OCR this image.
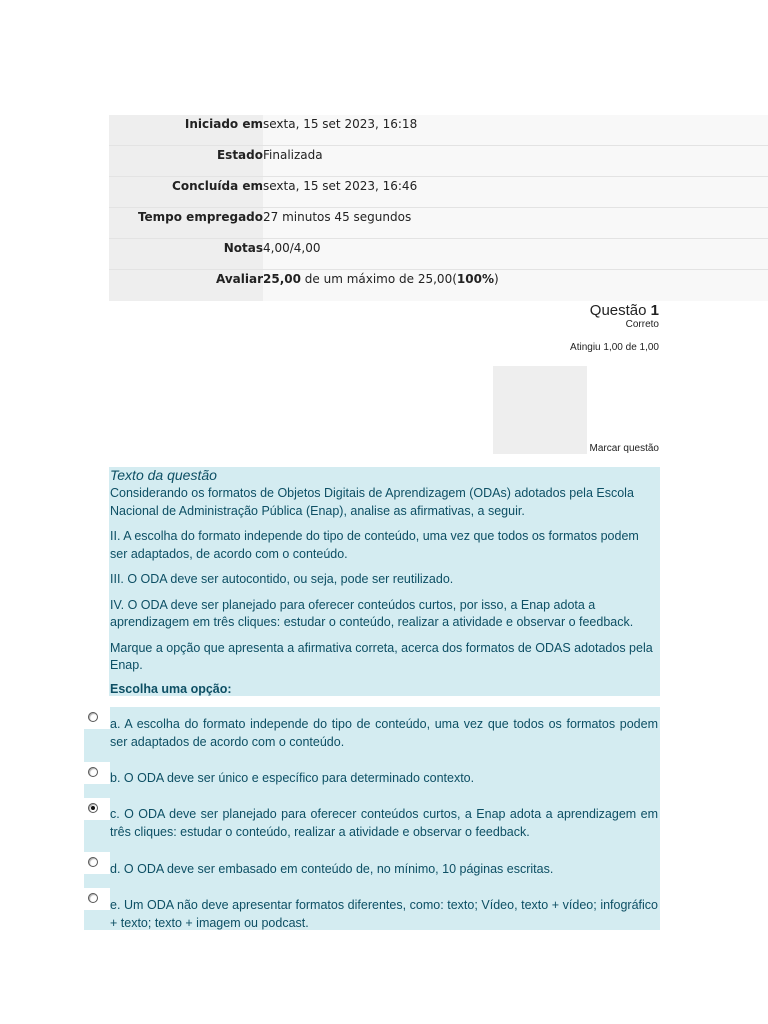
Iniciado em sexta, 15 set 2023, 16:18
Estado Finalizada
Concluída em sexta, 15 set 2023, 16:46
Tempo empregado 27 minutos 45 segundos
Notas 4,00/4,00
Avaliar 25,00 de um máximo de 25,00(100%)
Questão 1
Correto
Atingiu 1,00 de 1,00
Marcar questão
Texto da questão

Considerando os formatos de Objetos Digitais de Aprendizagem (ODAs) adotados pela Escola Nacional de Administração Pública (Enap), analise as afirmativas, a seguir.

II. A escolha do formato independe do tipo de conteúdo, uma vez que todos os formatos podem ser adaptados, de acordo com o conteúdo.

III. O ODA deve ser autocontido, ou seja, pode ser reutilizado.

IV. O ODA deve ser planejado para oferecer conteúdos curtos, por isso, a Enap adota a aprendizagem em três cliques: estudar o conteúdo, realizar a atividade e observar o feedback.

Marque a opção que apresenta a afirmativa correta, acerca dos formatos de ODAS adotados pela Enap.

Escolha uma opção:
a. A escolha do formato independe do tipo de conteúdo, uma vez que todos os formatos podem ser adaptados de acordo com o conteúdo.
b. O ODA deve ser único e específico para determinado contexto.
c. O ODA deve ser planejado para oferecer conteúdos curtos, a Enap adota a aprendizagem em três cliques: estudar o conteúdo, realizar a atividade e observar o feedback.
d. O ODA deve ser embasado em conteúdo de, no mínimo, 10 páginas escritas.
e. Um ODA não deve apresentar formatos diferentes, como: texto; Vídeo, texto + vídeo; infográfico + texto; texto + imagem ou podcast.
